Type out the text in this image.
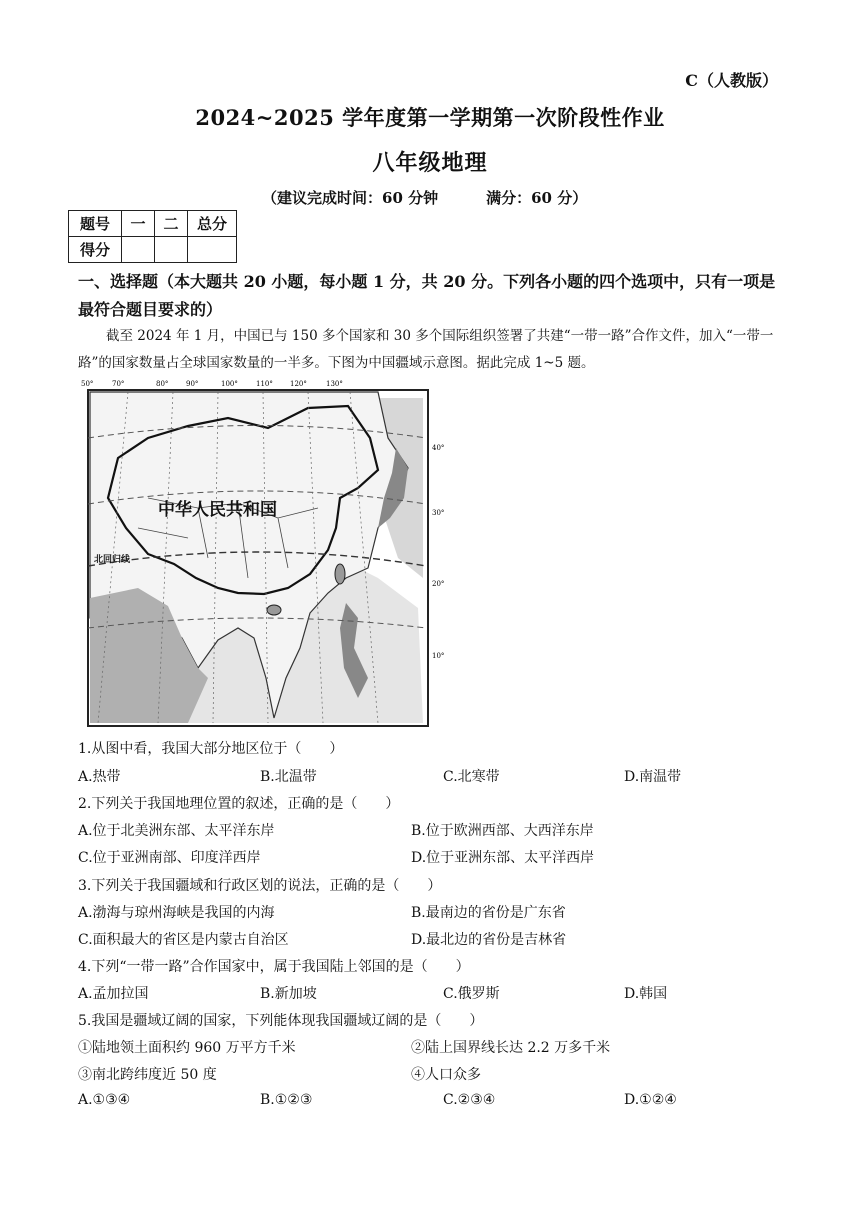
C（人教版）
2024~2025 学年度第一学期第一次阶段性作业
八年级地理
（建议完成时间：60 分钟	满分：60 分）
题号	一	二	总分
得分			
一、选择题（本大题共 20 小题，每小题 1 分，共 20 分。下列各小题的四个选项中，只有一项是最符合题目要求的）
截至 2024 年 1 月，中国已与 150 多个国家和 30 多个国际组织签署了共建“一带一路”合作文件，加入“一带一路”的国家数量占全球国家数量的一半多。下图为中国疆域示意图。据此完成 1~5 题。
中华人民共和国
北回归线
50°	70°	80°	90°	100°	110° 120°	130°
40°
30°
20°
10°
1.从图中看，我国大部分地区位于（　　）
A.热带	B.北温带	C.北寒带	D.南温带
2.下列关于我国地理位置的叙述，正确的是（　　）
A.位于北美洲东部、太平洋东岸	B.位于欧洲西部、大西洋东岸
C.位于亚洲南部、印度洋西岸	D.位于亚洲东部、太平洋西岸
3.下列关于我国疆域和行政区划的说法，正确的是（　　）
A.渤海与琼州海峡是我国的内海	B.最南边的省份是广东省
C.面积最大的省区是内蒙古自治区	D.最北边的省份是吉林省
4.下列“一带一路”合作国家中，属于我国陆上邻国的是（　　）
A.孟加拉国	B.新加坡	C.俄罗斯	D.韩国
5.我国是疆域辽阔的国家，下列能体现我国疆域辽阔的是（　　）
①陆地领土面积约 960 万平方千米	②陆上国界线长达 2.2 万多千米
③南北跨纬度近 50 度	④人口众多
A.①③④	B.①②③	C.②③④	D.①②④
